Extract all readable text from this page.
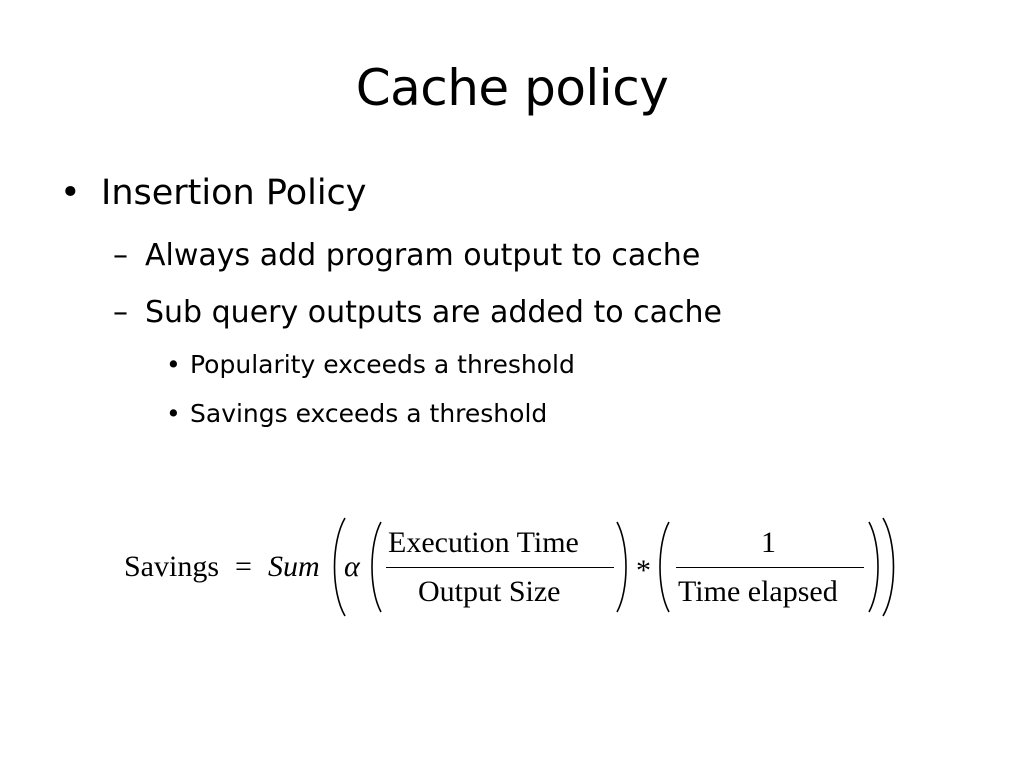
Cache policy
• Insertion Policy
– Always add program output to cache
– Sub query outputs are added to cache
• Popularity exceeds a threshold
• Savings exceeds a threshold
Savings = Sum α
Execution Time
Output Size
*
1
Time elapsed
